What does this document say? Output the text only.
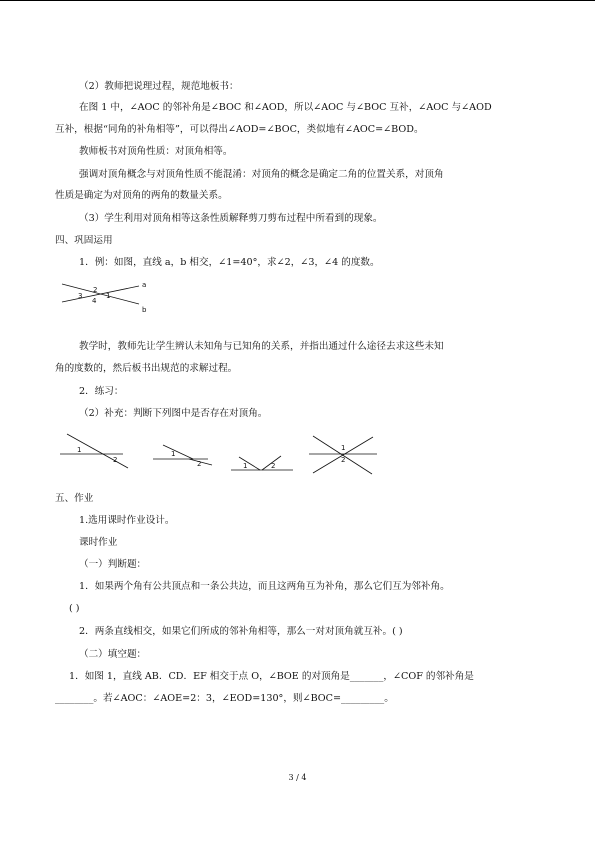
（2）教师把说理过程，规范地板书：
在图 1 中，∠AOC 的邻补角是∠BOC 和∠AOD，所以∠AOC 与∠BOC 互补，∠AOC 与∠AOD
互补，根据“同角的补角相等”，可以得出∠AOD=∠BOC，类似地有∠AOC=∠BOD。
教师板书对顶角性质：对顶角相等。
强调对顶角概念与对顶角性质不能混淆：对顶角的概念是确定二角的位置关系，对顶角
性质是确定为对顶角的两角的数量关系。
（3）学生利用对顶角相等这条性质解释剪刀剪布过程中所看到的现象。
四、巩固运用
1．例：如图，直线 a，b 相交，∠1=40°，求∠2，∠3，∠4 的度数。
a
b
1
2
3
4
教学时，教师先让学生辨认未知角与已知角的关系，并指出通过什么途径去求这些未知
角的度数的，然后板书出规范的求解过程。
2．练习：
（2）补充：判断下列图中是否存在对顶角。
1
2
1
2	1	2
1
2
五、作业
1.选用课时作业设计。
课时作业
（一）判断题：
1．如果两个角有公共顶点和一条公共边，而且这两角互为补角，那么它们互为邻补角。
( )
2．两条直线相交，如果它们所成的邻补角相等，那么一对对顶角就互补。( )
（二）填空题：
1．如图 1，直线 AB．CD．EF 相交于点 O，∠BOE 的对顶角是_______，∠COF 的邻补角是
________。若∠AOC：∠AOE=2：3，∠EOD=130°，则∠BOC=_________。
3 / 4
